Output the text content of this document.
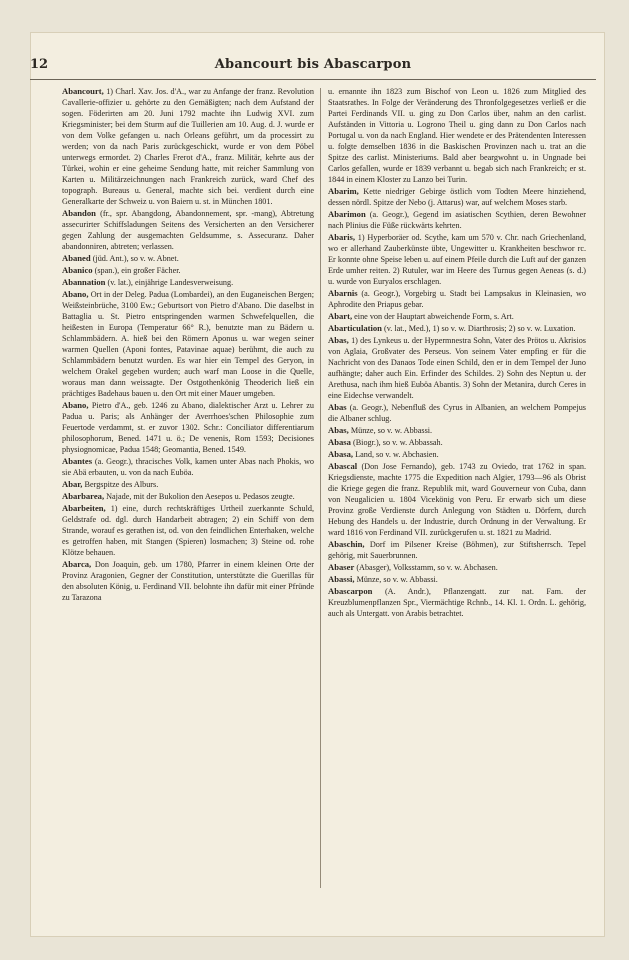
12	Abancourt bis Abascarpon
Abancourt, 1) Charl. Xav. Jos. d'A., war zu Anfange der franz. Revolution Cavallerie-offizier u. gehörte zu den Gemäßigten; nach dem Aufstand der sogen. Föderirten am 20. Juni 1792 machte ihn Ludwig XVI. zum Kriegsminister; bei dem Sturm auf die Tuillerien am 10. Aug. d. J. wurde er von dem Volke gefangen u. nach Orleans geführt, um da processirt zu werden; von da nach Paris zurückgeschickt, wurde er von dem Pöbel unterwegs ermordet. 2) Charles Frerot d'A., franz. Militär, kehrte aus der Türkei, wohin er eine geheime Sendung hatte, mit reicher Sammlung von Karten u. Militärzeichnungen nach Frankreich zurück, ward Chef des topograph. Bureaus u. General, machte sich bei. verdient durch eine Generalkarte der Schweiz u. von Baiern u. st. in München 1801.
Abandon (fr., spr. Abangdong, Abandonnement, spr. -mang), Abtretung assecurirter Schiffsladungen Seitens des Versicherten an den Versicherer gegen Zahlung der ausgemachten Geldsumme, s. Assecuranz. Daher abandonniren, abtreten; verlassen.
Abaned (jüd. Ant.), so v. w. Abnet.
Abanico (span.), ein großer Fächer.
Abannation (v. lat.), einjährige Landesverweisung.
Abano, Ort in der Deleg. Padua (Lombardei), an den Euganeischen Bergen; Weißsteinbrüche, 3100 Ew.; Geburtsort von Pietro d'Abano. Die daselbst in Battaglia u. St. Pietro entspringenden warmen Schwefelquellen, die heißesten in Europa (Temperatur 66° R.), benutzte man zu Bädern u. Schlammbädern. A. hieß bei den Römern Aponus u. war wegen seiner warmen Quellen (Aponi fontes, Patavinae aquae) berühmt, die auch zu Schlammbädern benutzt wurden. Es war hier ein Tempel des Geryon, in welchem Orakel gegeben wurden; auch warf man Loose in die Quelle, woraus man dann weissagte. Der Ostgothenkönig Theoderich ließ ein prächtiges Badehaus bauen u. den Ort mit einer Mauer umgeben.
Abano, Pietro d'A., geb. 1246 zu Abano, dialektischer Arzt u. Lehrer zu Padua u. Paris; als Anhänger der Averrhoes'schen Philosophie zum Feuertode verdammt, st. er zuvor 1302. Schr.: Conciliator differentiarum philosophorum, Bened. 1471 u. ö.; De venenis, Rom 1593; Decisiones physiognomicae, Padua 1548; Geomantia, Bened. 1549.
Abantes (a. Geogr.), thracisches Volk, kamen unter Abas nach Phokis, wo sie Abä erbauten, u. von da nach Euböa.
Abar, Bergspitze des Alburs.
Abarbarea, Najade, mit der Bukolion den Aesepos u. Pedasos zeugte.
Abarbeiten, 1) eine, durch rechtskräftiges Urtheil zuerkannte Schuld, Geldstrafe od. dgl. durch Handarbeit abtragen; 2) ein Schiff von dem Strande, worauf es gerathen ist, od. von den feindlichen Enterhaken, welche es getroffen haben, mit Stangen (Spieren) losmachen; 3) Steine od. rohe Klötze behauen.
Abarca, Don Joaquin, geb. um 1780, Pfarrer in einem kleinen Orte der Provinz Aragonien, Gegner der Constitution, unterstützte die Guerillas für den absoluten König, u. Ferdinand VII. belohnte ihn dafür mit einer Pfründe zu Tarazona
u. ernannte ihn 1823 zum Bischof von Leon u. 1826 zum Mitglied des Staatsrathes. In Folge der Veränderung des Thronfolgegesetzes verließ er die Partei Ferdinands VII. u. ging zu Don Carlos über, nahm an den carlist. Aufständen in Vittoria u. Logrono Theil u. ging dann zu Don Carlos nach Portugal u. von da nach England. Hier wendete er des Prätendenten Interessen u. folgte demselben 1836 in die Baskischen Provinzen nach u. trat an die Spitze des carlist. Ministeriums. Bald aber beargwohnt u. in Ungnade bei Carlos gefallen, wurde er 1839 verbannt u. begab sich nach Frankreich; er st. 1844 in einem Kloster zu Lanzo bei Turin.
Abarim, Kette niedriger Gebirge östlich vom Todten Meere hinziehend, dessen nördl. Spitze der Nebo (j. Attarus) war, auf welchem Moses starb.
Abarimon (a. Geogr.), Gegend im asiatischen Scythien, deren Bewohner nach Plinius die Füße rückwärts kehrten.
Abaris, 1) Hyperboräer od. Scythe, kam um 570 v. Chr. nach Griechenland, wo er allerhand Zauberkünste übte, Ungewitter u. Krankheiten beschwor rc. Er konnte ohne Speise leben u. auf einem Pfeile durch die Luft auf der ganzen Erde umher reiten. 2) Rutuler, war im Heere des Turnus gegen Aeneas (s. d.) u. wurde von Euryalos erschlagen.
Abarnis (a. Geogr.), Vorgebirg u. Stadt bei Lampsakus in Kleinasien, wo Aphrodite den Priapus gebar.
Abart, eine von der Hauptart abweichende Form, s. Art.
Abarticulation (v. lat., Med.), 1) so v. w. Diarthrosis; 2) so v. w. Luxation.
Abas, 1) des Lynkeus u. der Hypermnestra Sohn, Vater des Prötos u. Akrisios von Aglaia, Großvater des Perseus. Von seinem Vater empfing er für die Nachricht von des Danaos Tode einen Schild, den er in dem Tempel der Juno aufhängte; daher auch Ein. Erfinder des Schildes. 2) Sohn des Neptun u. der Arethusa, nach ihm hieß Euböa Abantis. 3) Sohn der Metanira, durch Ceres in eine Eidechse verwandelt.
Abas (a. Geogr.), Nebenfluß des Cyrus in Albanien, an welchem Pompejus die Albaner schlug.
Abas, Münze, so v. w. Abbassi.
Abasa (Biogr.), so v. w. Abbassah.
Abasa, Land, so v. w. Abchasien.
Abascal (Don Jose Fernando), geb. 1743 zu Oviedo, trat 1762 in span. Kriegsdienste, machte 1775 die Expedition nach Algier, 1793—96 als Obrist die Kriege gegen die franz. Republik mit, ward Gouverneur von Cuba, dann von Neugalicien u. 1804 Vicekönig von Peru. Er erwarb sich um diese Provinz große Verdienste durch Anlegung von Städten u. Dörfern, durch Hebung des Handels u. der Industrie, durch Ordnung in der Verwaltung. Er ward 1816 von Ferdinand VII. zurückgerufen u. st. 1821 zu Madrid.
Abaschin, Dorf im Pilsener Kreise (Böhmen), zur Stiftsherrsch. Tepel gehörig, mit Sauerbrunnen.
Abaser (Abasger), Volksstamm, so v. w. Abchasen.
Abassi, Münze, so v. w. Abbassi.
Abascarpon (A. Andr.), Pflanzengatt. zur nat. Fam. der Kreuzblumenpflanzen Spr., Viermächtige Rchnb., 14. Kl. 1. Ordn. L. gehörig, auch als Untergatt. von Arabis betrachtet.
